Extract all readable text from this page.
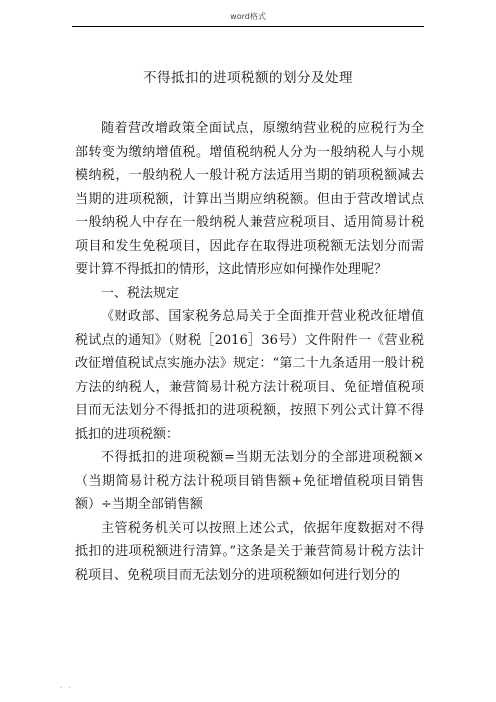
word格式
不得抵扣的进项税额的划分及处理

随着营改增政策全面试点，原缴纳营业税的应税行为全部转变为缴纳增值税。增值税纳税人分为一般纳税人与小规模纳税，一般纳税人一般计税方法适用当期的销项税额减去当期的进项税额，计算出当期应纳税额。但由于营改增试点一般纳税人中存在一般纳税人兼营应税项目、适用简易计税项目和发生免税项目，因此存在取得进项税额无法划分而需要计算不得抵扣的情形，这此情形应如何操作处理呢？

一、税法规定

《财政部、国家税务总局关于全面推开营业税改征增值税试点的通知》（财税［2016］36号）文件附件一《营业税改征增值税试点实施办法》规定：“第二十九条适用一般计税方法的纳税人，兼营简易计税方法计税项目、免征增值税项目而无法划分不得抵扣的进项税额，按照下列公式计算不得抵扣的进项税额：

不得抵扣的进项税额=当期无法划分的全部进项税额×（当期简易计税方法计税项目销售额+免征增值税项目销售额）÷当期全部销售额

主管税务机关可以按照上述公式，依据年度数据对不得抵扣的进项税额进行清算。”这条是关于兼营简易计税方法计税项目、免税项目而无法划分的进项税额如何进行划分的

. .
